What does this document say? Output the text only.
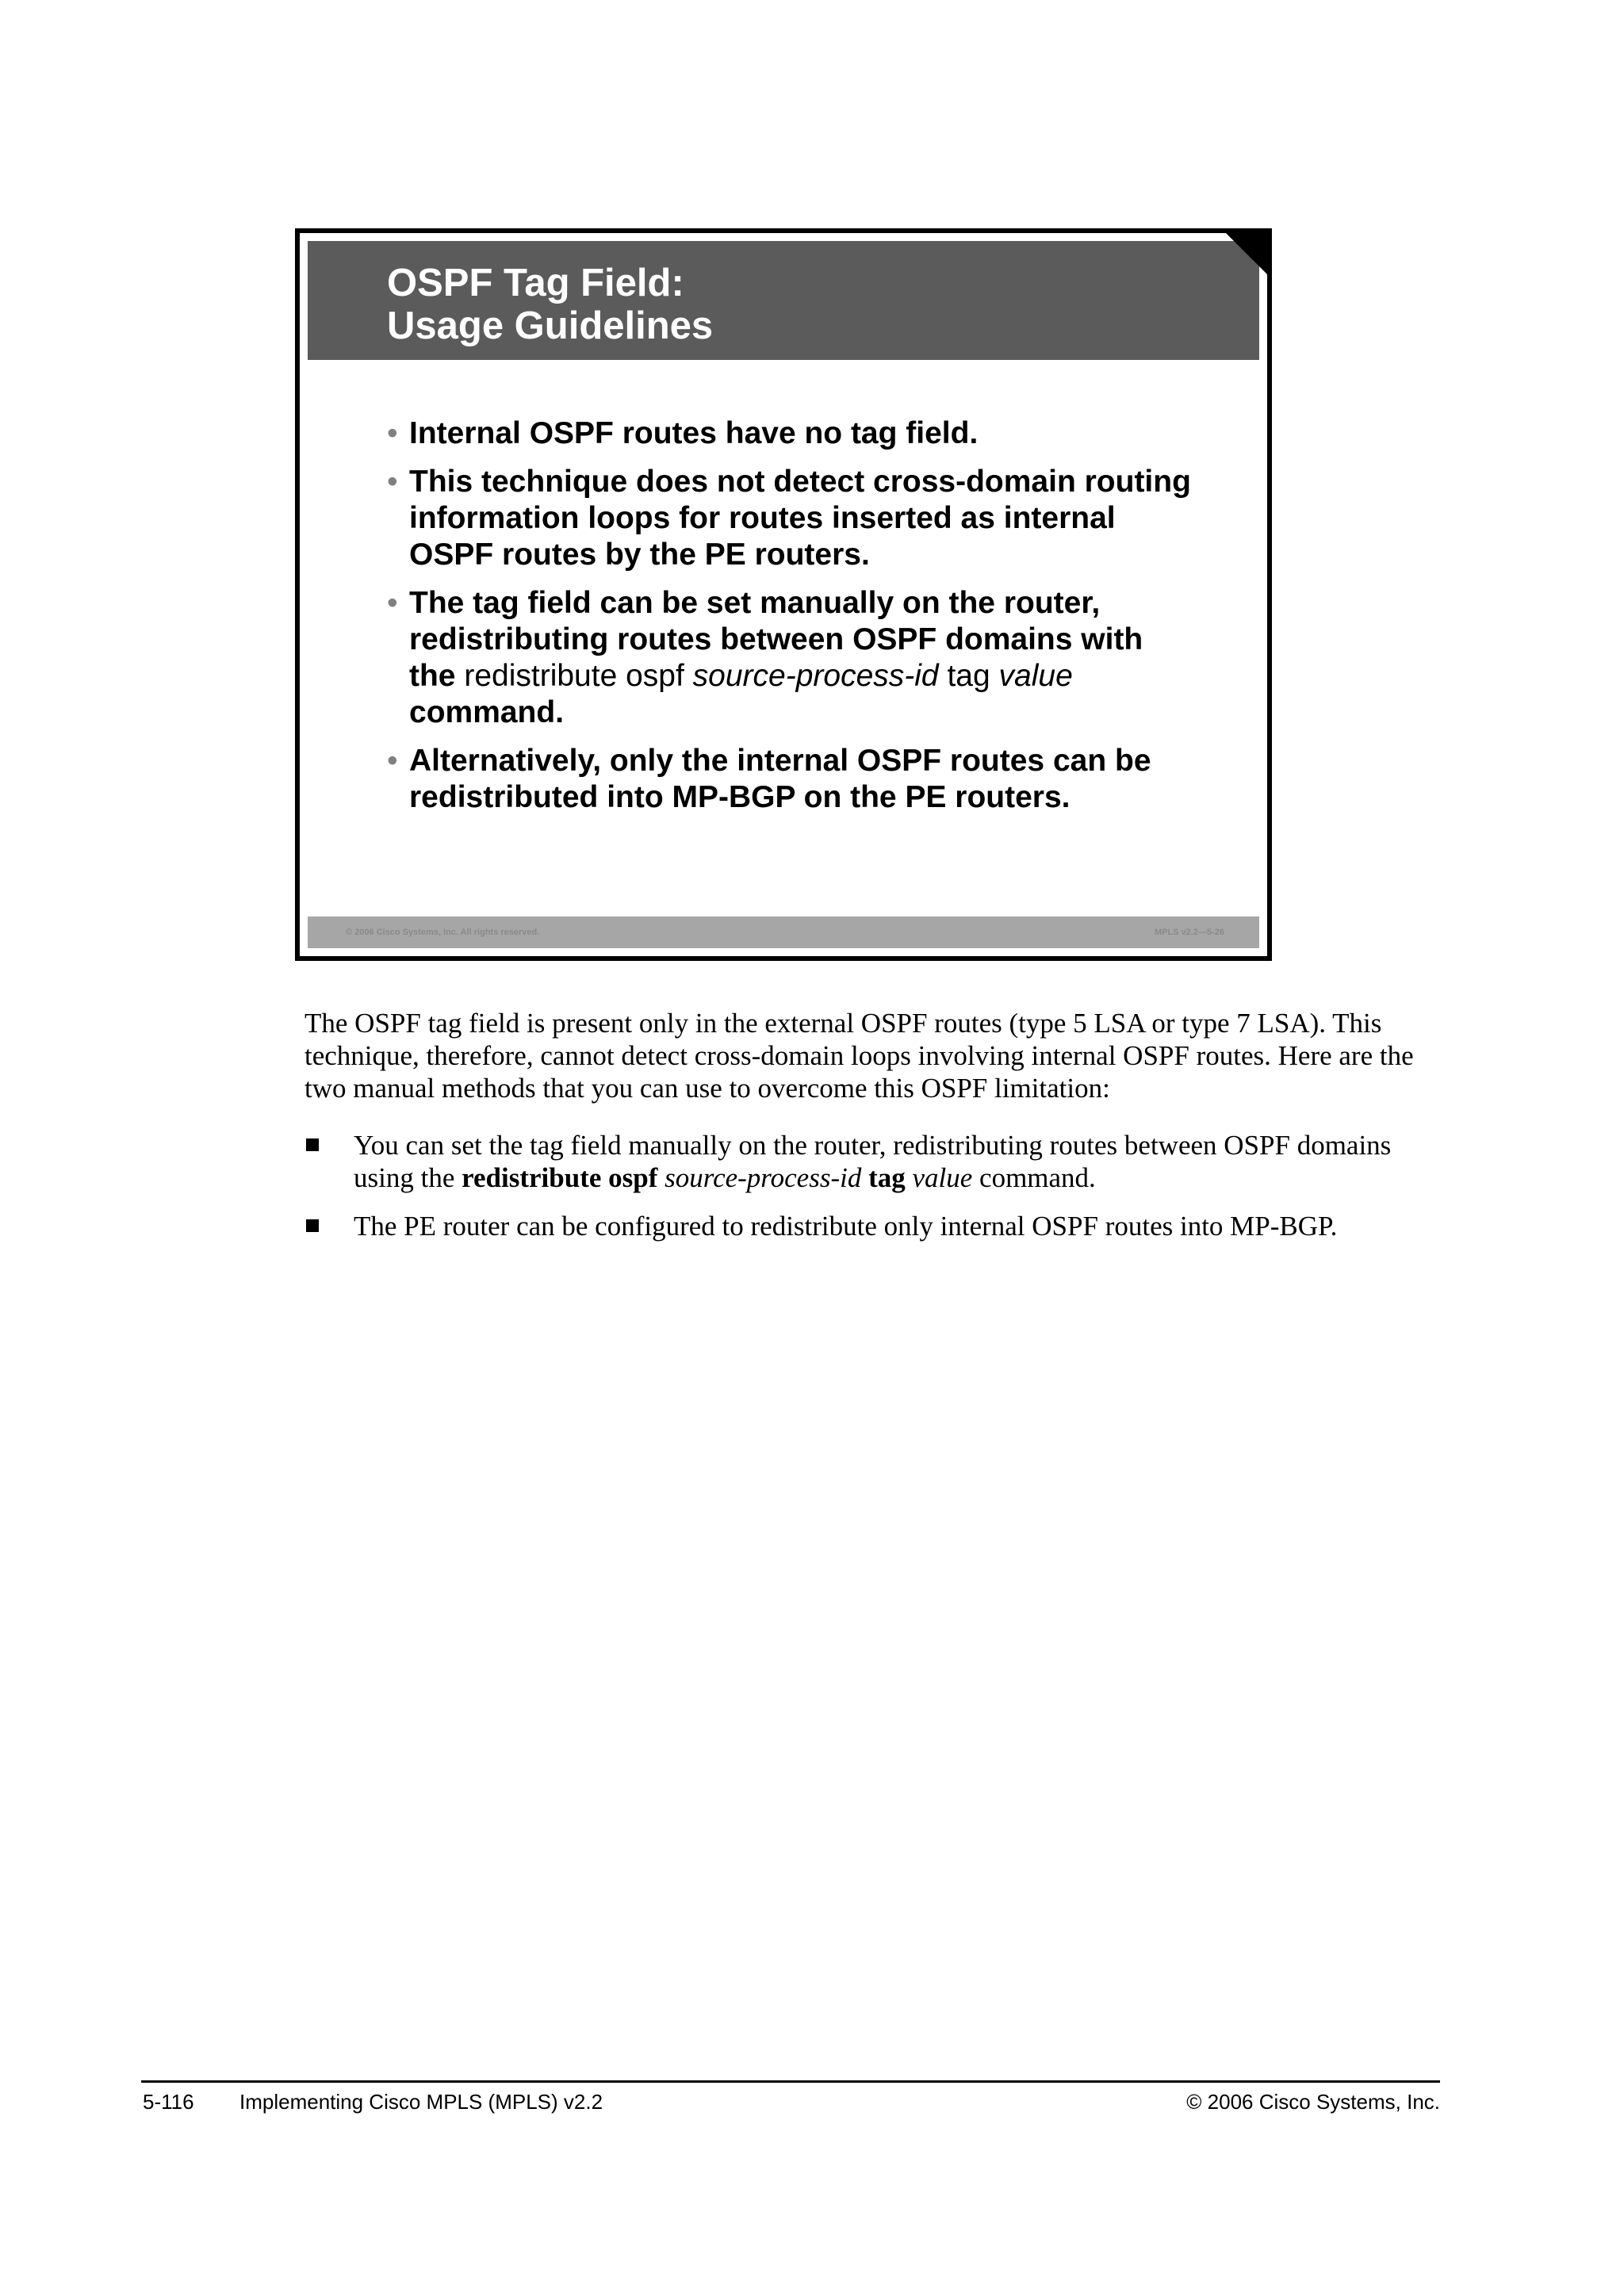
OSPF Tag Field:
Usage Guidelines
• Internal OSPF routes have no tag field.
• This technique does not detect cross-domain routing information loops for routes inserted as internal OSPF routes by the PE routers.
• The tag field can be set manually on the router, redistributing routes between OSPF domains with the redistribute ospf source-process-id tag value command.
• Alternatively, only the internal OSPF routes can be redistributed into MP-BGP on the PE routers.
© 2006 Cisco Systems, Inc. All rights reserved.	MPLS v2.2—5-26

The OSPF tag field is present only in the external OSPF routes (type 5 LSA or type 7 LSA). This technique, therefore, cannot detect cross-domain loops involving internal OSPF routes. Here are the two manual methods that you can use to overcome this OSPF limitation:

You can set the tag field manually on the router, redistributing routes between OSPF domains using the redistribute ospf source-process-id tag value command.
The PE router can be configured to redistribute only internal OSPF routes into MP-BGP.
5-116 Implementing Cisco MPLS (MPLS) v2.2	© 2006 Cisco Systems, Inc.
